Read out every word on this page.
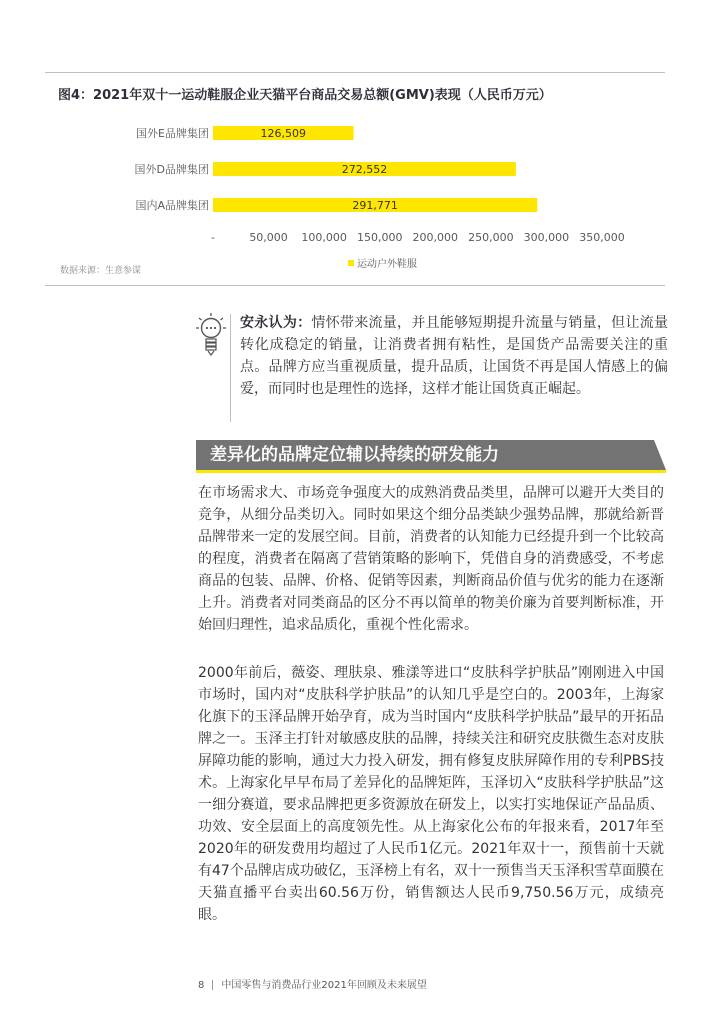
图4：2021年双十一运动鞋服企业天猫平台商品交易总额(GMV)表现（人民币万元）
国外E品牌集团	126,509
国外D品牌集团	272,552
国内A品牌集团	291,771
-	50,000 100,000 150,000 200,000 250,000 300,000 350,000
运动户外鞋服
数据来源：生意参谋
安永认为：情怀带来流量，并且能够短期提升流量与销量，但让流量转化成稳定的销量，让消费者拥有粘性，是国货产品需要关注的重点。品牌方应当重视质量，提升品质，让国货不再是国人情感上的偏爱，而同时也是理性的选择，这样才能让国货真正崛起。
差异化的品牌定位辅以持续的研发能力
在市场需求大、市场竞争强度大的成熟消费品类里，品牌可以避开大类目的竞争，从细分品类切入。同时如果这个细分品类缺少强势品牌，那就给新晋品牌带来一定的发展空间。目前，消费者的认知能力已经提升到一个比较高的程度，消费者在隔离了营销策略的影响下，凭借自身的消费感受，不考虑商品的包装、品牌、价格、促销等因素，判断商品价值与优劣的能力在逐渐上升。消费者对同类商品的区分不再以简单的物美价廉为首要判断标准，开始回归理性，追求品质化，重视个性化需求。
2000年前后，薇姿、理肤泉、雅漾等进口“皮肤科学护肤品”刚刚进入中国市场时，国内对“皮肤科学护肤品”的认知几乎是空白的。2003年，上海家化旗下的玉泽品牌开始孕育，成为当时国内“皮肤科学护肤品”最早的开拓品牌之一。玉泽主打针对敏感皮肤的品牌，持续关注和研究皮肤微生态对皮肤屏障功能的影响，通过大力投入研发，拥有修复皮肤屏障作用的专利PBS技术。上海家化早早布局了差异化的品牌矩阵，玉泽切入“皮肤科学护肤品”这一细分赛道，要求品牌把更多资源放在研发上，以实打实地保证产品品质、功效、安全层面上的高度领先性。从上海家化公布的年报来看，2017年至2020年的研发费用均超过了人民币1亿元。2021年双十一，预售前十天就有47个品牌店成功破亿，玉泽榜上有名，双十一预售当天玉泽积雪草面膜在天猫直播平台卖出60.56万份，销售额达人民币9,750.56万元，成绩亮眼。
8 中国零售与消费品行业2021年回顾及未来展望
